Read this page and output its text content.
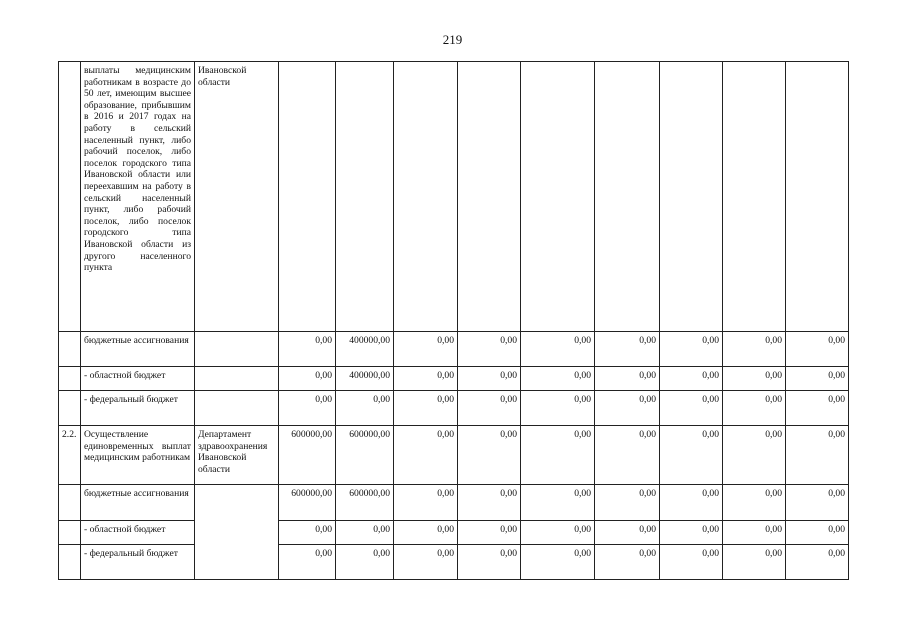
219
	выплаты медицинским работникам в возрасте до 50 лет, имеющим высшее образование, прибывшим в 2016 и 2017 годах на работу в сельский населенный пункт, либо рабочий поселок, либо поселок городского типа Ивановской области или переехавшим на работу в сельский населенный пункт, либо рабочий поселок, либо поселок городского типа Ивановской области из другого населенного пункта	Ивановской области									
	бюджетные ассигнования		0,00	400000,00	0,00	0,00	0,00	0,00	0,00	0,00	0,00
	- областной бюджет		0,00	400000,00	0,00	0,00	0,00	0,00	0,00	0,00	0,00
	- федеральный бюджет		0,00	0,00	0,00	0,00	0,00	0,00	0,00	0,00	0,00
2.2.	Осуществление единовременных выплат медицинским работникам	Департамент здравоохранения Ивановской области	600000,00	600000,00	0,00	0,00	0,00	0,00	0,00	0,00	0,00
	бюджетные ассигнования		600000,00	600000,00	0,00	0,00	0,00	0,00	0,00	0,00	0,00
	- областной бюджет		0,00	0,00	0,00	0,00	0,00	0,00	0,00	0,00	0,00
	- федеральный бюджет		0,00	0,00	0,00	0,00	0,00	0,00	0,00	0,00	0,00
